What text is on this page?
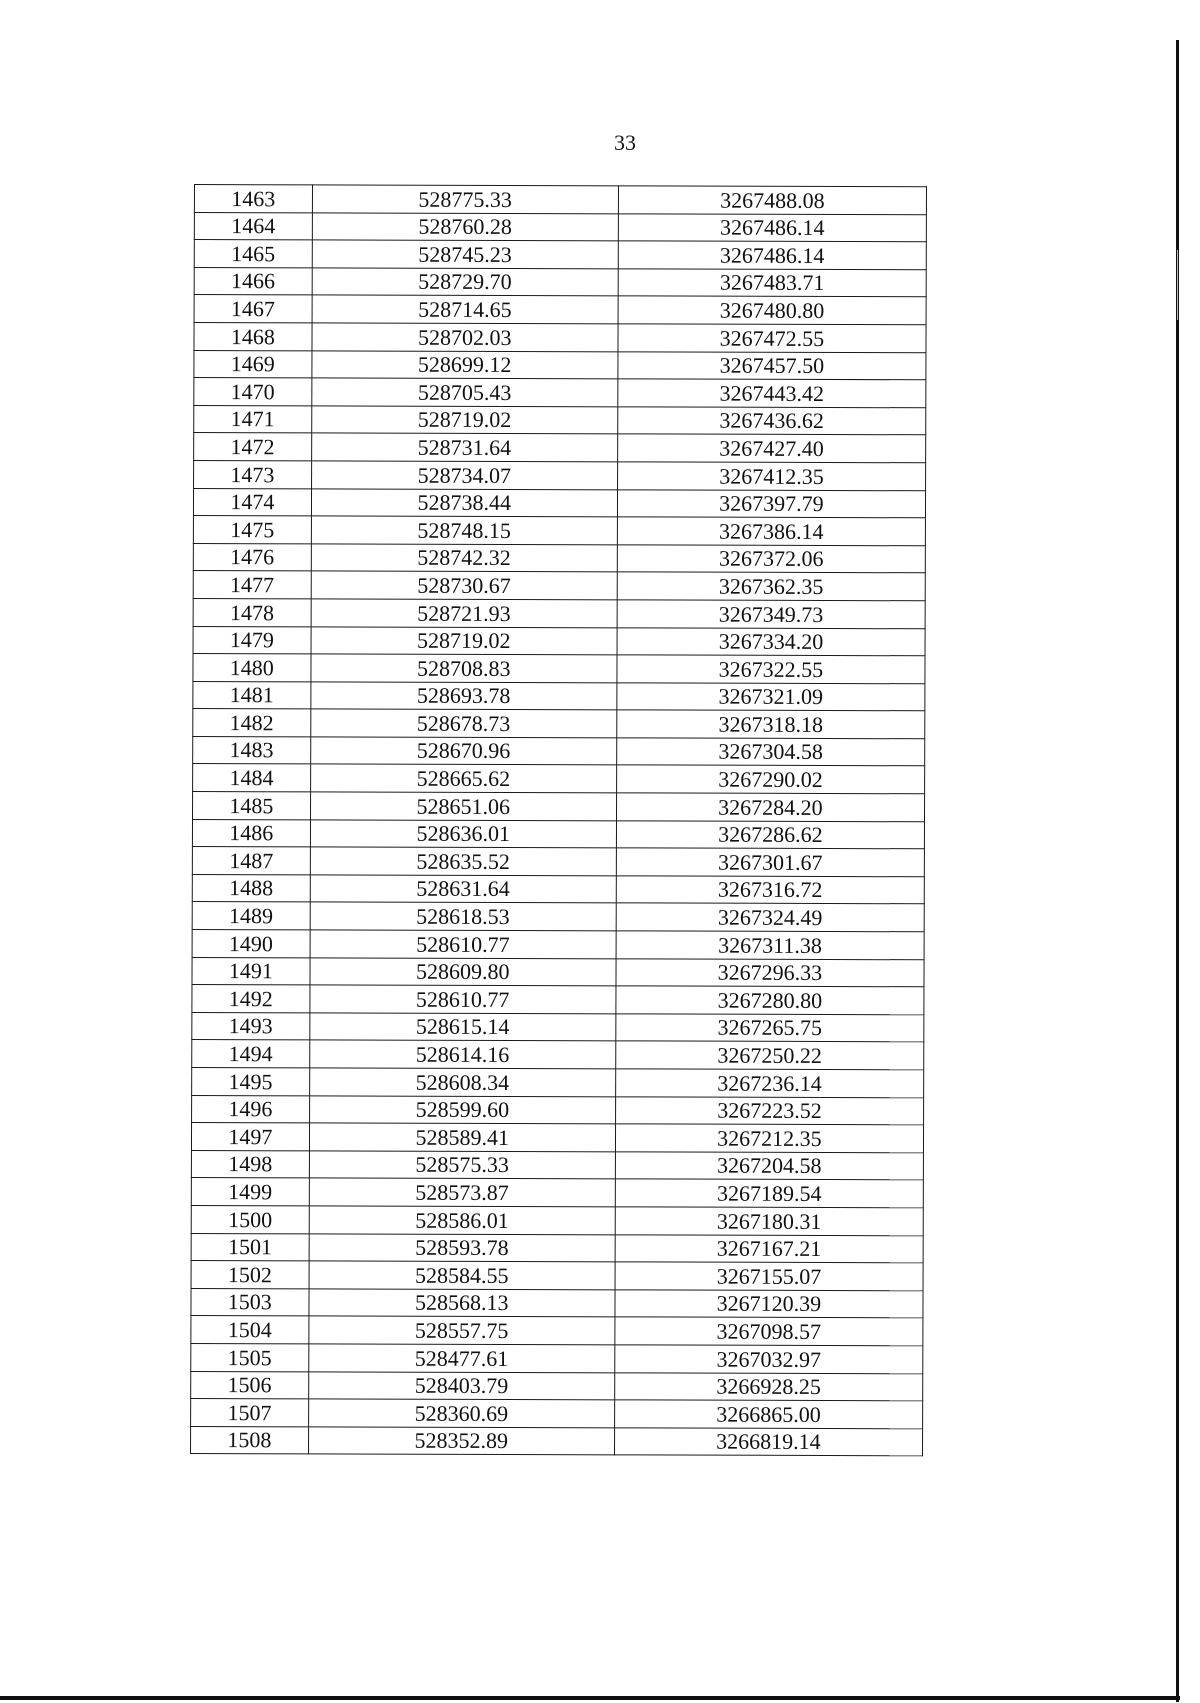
33
1463	528775.33	3267488.08
1464	528760.28	3267486.14
1465	528745.23	3267486.14
1466	528729.70	3267483.71
1467	528714.65	3267480.80
1468	528702.03	3267472.55
1469	528699.12	3267457.50
1470	528705.43	3267443.42
1471	528719.02	3267436.62
1472	528731.64	3267427.40
1473	528734.07	3267412.35
1474	528738.44	3267397.79
1475	528748.15	3267386.14
1476	528742.32	3267372.06
1477	528730.67	3267362.35
1478	528721.93	3267349.73
1479	528719.02	3267334.20
1480	528708.83	3267322.55
1481	528693.78	3267321.09
1482	528678.73	3267318.18
1483	528670.96	3267304.58
1484	528665.62	3267290.02
1485	528651.06	3267284.20
1486	528636.01	3267286.62
1487	528635.52	3267301.67
1488	528631.64	3267316.72
1489	528618.53	3267324.49
1490	528610.77	3267311.38
1491	528609.80	3267296.33
1492	528610.77	3267280.80
1493	528615.14	3267265.75
1494	528614.16	3267250.22
1495	528608.34	3267236.14
1496	528599.60	3267223.52
1497	528589.41	3267212.35
1498	528575.33	3267204.58
1499	528573.87	3267189.54
1500	528586.01	3267180.31
1501	528593.78	3267167.21
1502	528584.55	3267155.07
1503	528568.13	3267120.39
1504	528557.75	3267098.57
1505	528477.61	3267032.97
1506	528403.79	3266928.25
1507	528360.69	3266865.00
1508	528352.89	3266819.14
